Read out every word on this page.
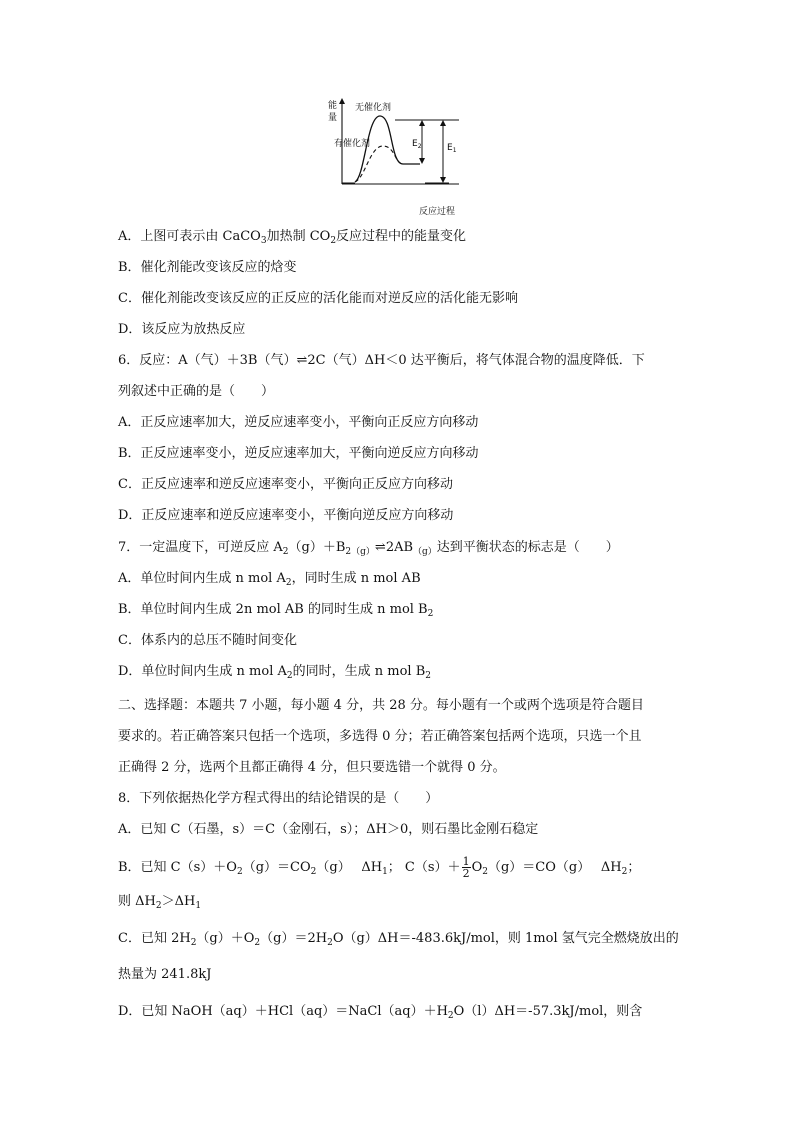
能
量
无催化剂
有催化剂	$E_2$	$E_1$
反应过程
A．上图可表示由 CaCO$_3$加热制 $CO_2$反应过程中的能量变化
B．催化剂能改变该反应的焓变
C．催化剂能改变该反应的正反应的活化能而对逆反应的活化能无影响
D．该反应为放热反应
6．反应：A（气）＋3B（气）⇌2C（气）ΔH＜0 达平衡后，将气体混合物的温度降低．下
列叙述中正确的是（　　）
A．正反应速率加大，逆反应速率变小，平衡向正反应方向移动
B．正反应速率变小，逆反应速率加大，平衡向逆反应方向移动
C．正反应速率和逆反应速率变小，平衡向正反应方向移动
D．正反应速率和逆反应速率变小，平衡向逆反应方向移动
7．一定温度下，可逆反应 $A_2(g)+B_{2(g)}\rightleftharpoons 2AB_{(g)}$达到平衡状态的标志是（　　）
A．单位时间内生成 n mol $A_2$，同时生成 n mol AB
B．单位时间内生成 2n mol AB 的同时生成 n mol $B_2$
C．体系内的总压不随时间变化
D．单位时间内生成 n mol $A_2$的同时，生成 n mol $B_2$
二、选择题：本题共 7 小题，每小题 4 分，共 28 分。每小题有一个或两个选项是符合题目
要求的。若正确答案只包括一个选项，多选得 0 分；若正确答案包括两个选项，只选一个且
正确得 2 分，选两个且都正确得 4 分，但只要选错一个就得 0 分。
8．下列依据热化学方程式得出的结论错误的是（　　）
A．已知 C（石墨，s）＝C（金刚石，s）；ΔH＞0，则石墨比金刚石稳定
B．已知 $C(s)+O_2(g)=CO_2(g)$　 $\Delta H_1$； $C(s)+ \frac{1}{2} O_2(g)=CO(g)$　 $\Delta H_2$；
则 $\Delta H_2>\Delta H_1$
C．已知 $2H_2(g)+O_2(g)=2H_2O(g)\Delta H=-483.6kJ$/mol，则 1mol 氢气完全燃烧放出的
热量为 241.8kJ
D．已知 $NaOH(aq)+HCl(aq)=NaCl(aq)+H_2O(l)\Delta H=-57.3kJ$/mol，则含
